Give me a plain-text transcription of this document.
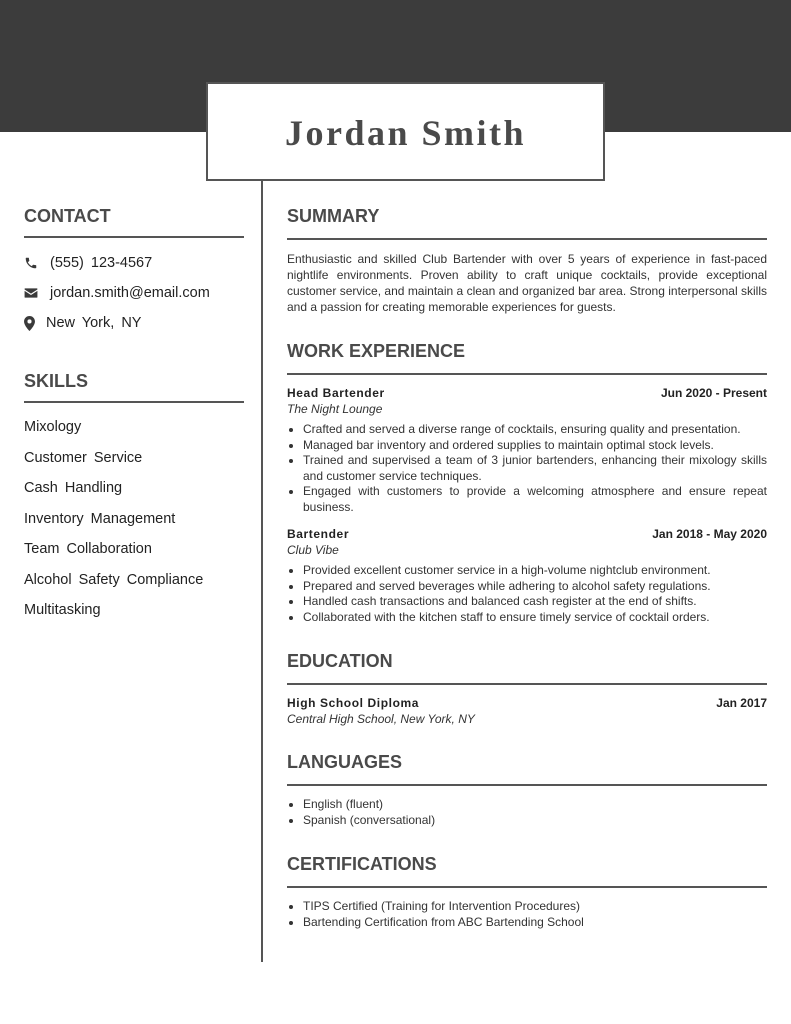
Jordan Smith
CONTACT
(555) 123-4567
jordan.smith@email.com
New York, NY
SKILLS
Mixology
Customer Service
Cash Handling
Inventory Management
Team Collaboration
Alcohol Safety Compliance
Multitasking
SUMMARY

Enthusiastic and skilled Club Bartender with over 5 years of experience in fast-paced nightlife environments. Proven ability to craft unique cocktails, provide exceptional customer service, and maintain a clean and organized bar area. Strong interpersonal skills and a passion for creating memorable experiences for guests.

WORK EXPERIENCE
Head Bartender	Jun 2020 - Present
The Night Lounge
• Crafted and served a diverse range of cocktails, ensuring quality and presentation.
• Managed bar inventory and ordered supplies to maintain optimal stock levels.
• Trained and supervised a team of 3 junior bartenders, enhancing their mixology skills and customer service techniques.
• Engaged with customers to provide a welcoming atmosphere and ensure repeat business.
Bartender	Jan 2018 - May 2020
Club Vibe
• Provided excellent customer service in a high-volume nightclub environment.
• Prepared and served beverages while adhering to alcohol safety regulations.
• Handled cash transactions and balanced cash register at the end of shifts.
• Collaborated with the kitchen staff to ensure timely service of cocktail orders.
EDUCATION
High School Diploma	Jan 2017
Central High School, New York, NY
LANGUAGES
• English (fluent)
• Spanish (conversational)
CERTIFICATIONS
• TIPS Certified (Training for Intervention Procedures)
• Bartending Certification from ABC Bartending School
